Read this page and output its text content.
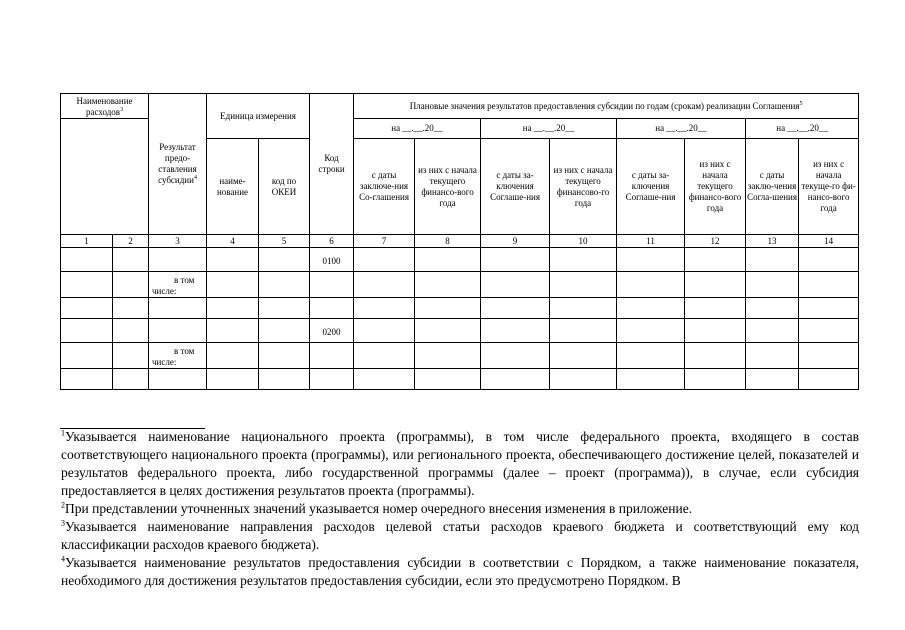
Наименование расходов$^3$		Результат предо-ставления субсидии$^4$	Единица измерения		Код строки	Плановые значения результатов предоставления субсидии по годам (срокам) реализации Соглашения$^5$
						на __.__.20__		на __.__.20__		на __.__.20__		на __.__.20__	
			наиме-нование	код по ОКЕИ		с даты заключе-ния Со-глашения	из них с начала текущего финансо-вого года	с даты за-ключения Соглаше-ния	из них с начала текущего финансово-го года	с даты за-ключения Соглаше-ния	из них с начала текущего финансо-вого года	с даты заклю-чения Согла-шения	из них с начала текуще-го фи-нансо-вого года
1	2	3	4	5	6	7	8	9	10	11	12	13	14
					0100								

		в том
числе:											

					0200								

		в том
числе:											

$^1$Указывается наименование национального проекта (программы), в том числе федерального проекта, входящего в состав соответствующего национального проекта (программы), или регионального проекта, обеспечивающего достижение целей, показателей и результатов федерального проекта, либо государственной программы (далее – проект (программа)), в случае, если субсидия предоставляется в целях достижения результатов проекта (программы).

$^2$При представлении уточненных значений указывается номер очередного внесения изменения в приложение.

$^3$Указывается наименование направления расходов целевой статьи расходов краевого бюджета и соответствующий ему код классификации расходов краевого бюджета).

$^4$Указывается наименование результатов предоставления субсидии в соответствии с Порядком, а также наименование показателя, необходимого для достижения результатов предоставления субсидии, если это предусмотрено Порядком. В
